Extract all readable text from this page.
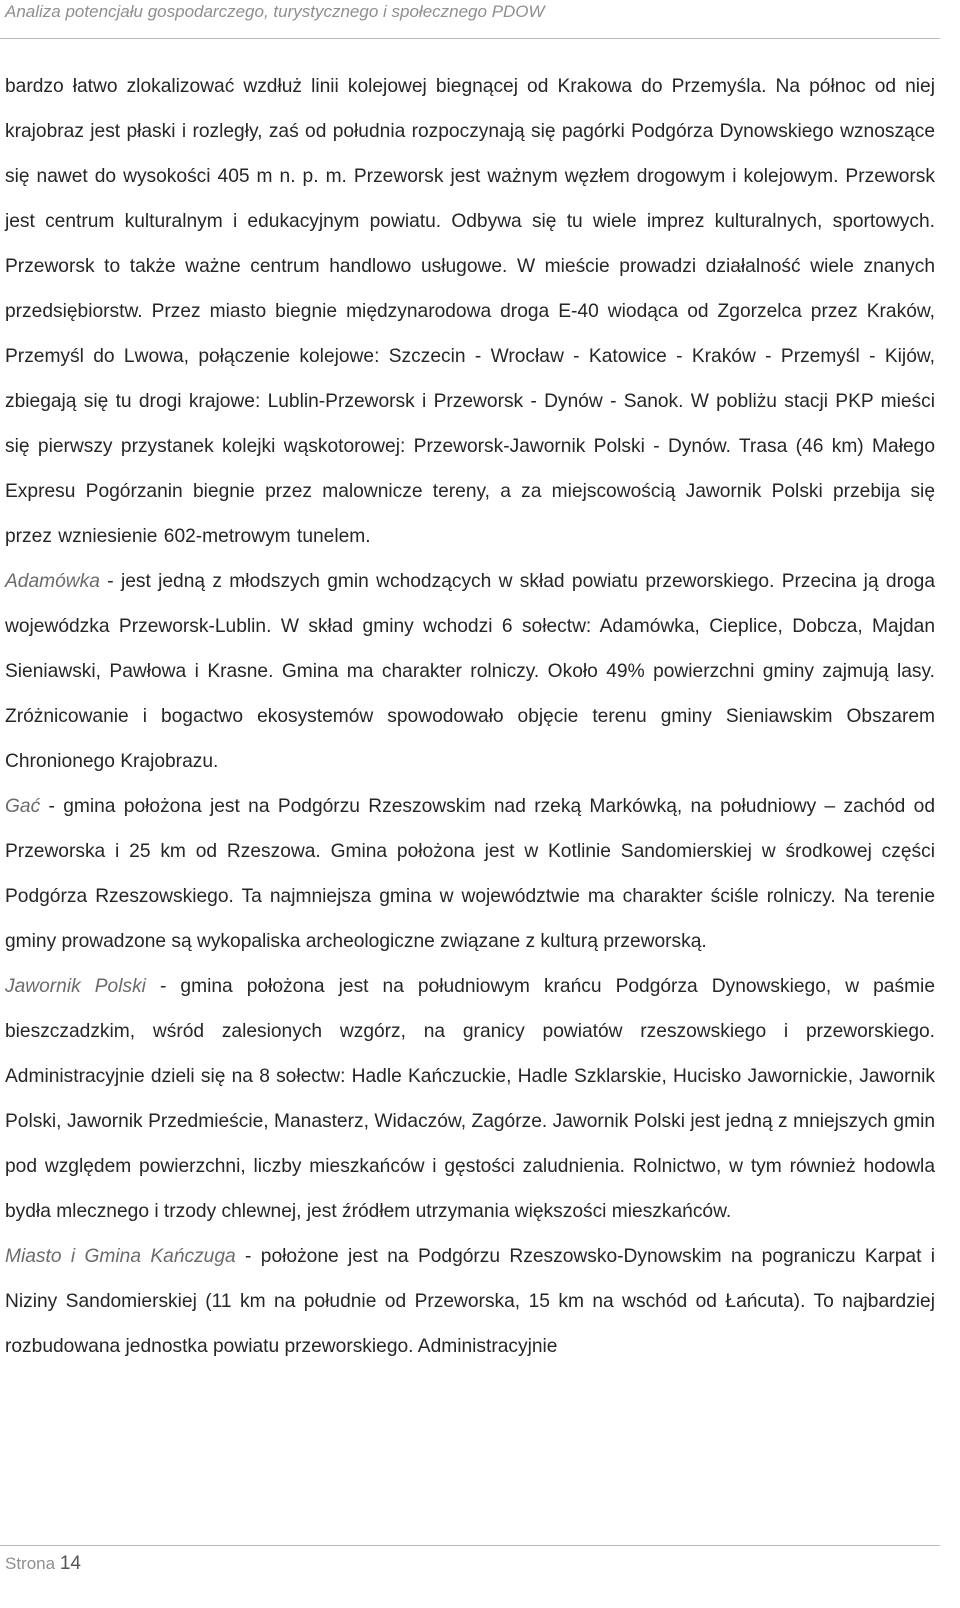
Analiza potencjału gospodarczego, turystycznego i społecznego PDOW

bardzo łatwo zlokalizować wzdłuż linii kolejowej biegnącej od Krakowa do Przemyśla. Na północ od niej krajobraz jest płaski i rozległy, zaś od południa rozpoczynają się pagórki Podgórza Dynowskiego wznoszące się nawet do wysokości 405 m n. p. m. Przeworsk jest ważnym węzłem drogowym i kolejowym. Przeworsk jest centrum kulturalnym i edukacyjnym powiatu. Odbywa się tu wiele imprez kulturalnych, sportowych. Przeworsk to także ważne centrum handlowo usługowe. W mieście prowadzi działalność wiele znanych przedsiębiorstw. Przez miasto biegnie międzynarodowa droga E-40 wiodąca od Zgorzelca przez Kraków, Przemyśl do Lwowa, połączenie kolejowe: Szczecin - Wrocław - Katowice - Kraków - Przemyśl - Kijów, zbiegają się tu drogi krajowe: Lublin-Przeworsk i Przeworsk - Dynów - Sanok. W pobliżu stacji PKP mieści się pierwszy przystanek kolejki wąskotorowej: Przeworsk-Jawornik Polski - Dynów. Trasa (46 km) Małego Expresu Pogórzanin biegnie przez malownicze tereny, a za miejscowością Jawornik Polski przebija się przez wzniesienie 602-metrowym tunelem.

Adamówka - jest jedną z młodszych gmin wchodzących w skład powiatu przeworskiego. Przecina ją droga wojewódzka Przeworsk-Lublin. W skład gminy wchodzi 6 sołectw: Adamówka, Cieplice, Dobcza, Majdan Sieniawski, Pawłowa i Krasne. Gmina ma charakter rolniczy. Około 49% powierzchni gminy zajmują lasy. Zróżnicowanie i bogactwo ekosystemów spowodowało objęcie terenu gminy Sieniawskim Obszarem Chronionego Krajobrazu.

Gać - gmina położona jest na Podgórzu Rzeszowskim nad rzeką Markówką, na południowy – zachód od Przeworska i 25 km od Rzeszowa. Gmina położona jest w Kotlinie Sandomierskiej w środkowej części Podgórza Rzeszowskiego. Ta najmniejsza gmina w województwie ma charakter ściśle rolniczy. Na terenie gminy prowadzone są wykopaliska archeologiczne związane z kulturą przeworską.

Jawornik Polski - gmina położona jest na południowym krańcu Podgórza Dynowskiego, w paśmie bieszczadzkim, wśród zalesionych wzgórz, na granicy powiatów rzeszowskiego i przeworskiego. Administracyjnie dzieli się na 8 sołectw: Hadle Kańczuckie, Hadle Szklarskie, Hucisko Jawornickie, Jawornik Polski, Jawornik Przedmieście, Manasterz, Widaczów, Zagórze. Jawornik Polski jest jedną z mniejszych gmin pod względem powierzchni, liczby mieszkańców i gęstości zaludnienia. Rolnictwo, w tym również hodowla bydła mlecznego i trzody chlewnej, jest źródłem utrzymania większości mieszkańców.

Miasto i Gmina Kańczuga - położone jest na Podgórzu Rzeszowsko-Dynowskim na pograniczu Karpat i Niziny Sandomierskiej (11 km na południe od Przeworska, 15 km na wschód od Łańcuta). To najbardziej rozbudowana jednostka powiatu przeworskiego. Administracyjnie

Strona 14
